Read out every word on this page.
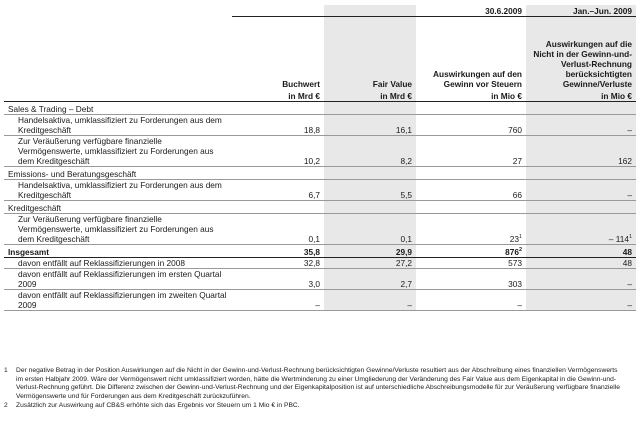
			30.6.2009	Jan.–Jun. 2009
	Buchwert	Fair Value	Auswirkungen auf den Gewinn vor Steuern	Auswirkungen auf die Nicht in der Gewinn-und-Verlust-Rechnung berücksichtigten Gewinne/Verluste
	in Mrd €	in Mrd €	in Mio €	in Mio €
Sales & Trading – Debt				
Handelsaktiva, umklassifiziert zu Forderungen aus dem Kreditgeschäft	18,8	16,1	760	–
Zur Veräußerung verfügbare finanzielle Vermögenswerte, umklassifiziert zu Forderungen aus dem Kreditgeschäft	10,2	8,2	27	162
Emissions- und Beratungsgeschäft				
Handelsaktiva, umklassifiziert zu Forderungen aus dem Kreditgeschäft	6,7	5,5	66	–
Kreditgeschäft				
Zur Veräußerung verfügbare finanzielle Vermögenswerte, umklassifiziert zu Forderungen aus dem Kreditgeschäft	0,1	0,1	$23^1$	– $114^1$
Insgesamt	35,8	29,9	$876^2$	48
davon entfällt auf Reklassifizierungen in 2008	32,8	27,2	573	48
davon entfällt auf Reklassifizierungen im ersten Quartal 2009	3,0	2,7	303	–
davon entfällt auf Reklassifizierungen im zweiten Quartal 2009	–	–	–	–
1	Der negative Betrag in der Position Auswirkungen auf die Nicht in der Gewinn-und-Verlust-Rechnung berücksichtigten Gewinne/Verluste resultiert aus der Abschreibung eines finanziellen Vermögenswerts im ersten Halbjahr 2009. Wäre der Vermögenswert nicht umklassifiziert worden, hätte die Wertminderung zu einer Umgliederung der Veränderung des Fair Value aus dem Eigenkapital in die Gewinn-und-Verlust-Rechnung geführt. Die Differenz zwischen der Gewinn-und-Verlust-Rechnung und der Eigenkapitalposition ist auf unterschiedliche Abschreibungsmodelle für zur Veräußerung verfügbare finanzielle Vermögenswerte und für Forderungen aus dem Kreditgeschäft zurückzuführen.
2	Zusätzlich zur Auswirkung auf CB&S erhöhte sich das Ergebnis vor Steuern um 1 Mio € in PBC.
